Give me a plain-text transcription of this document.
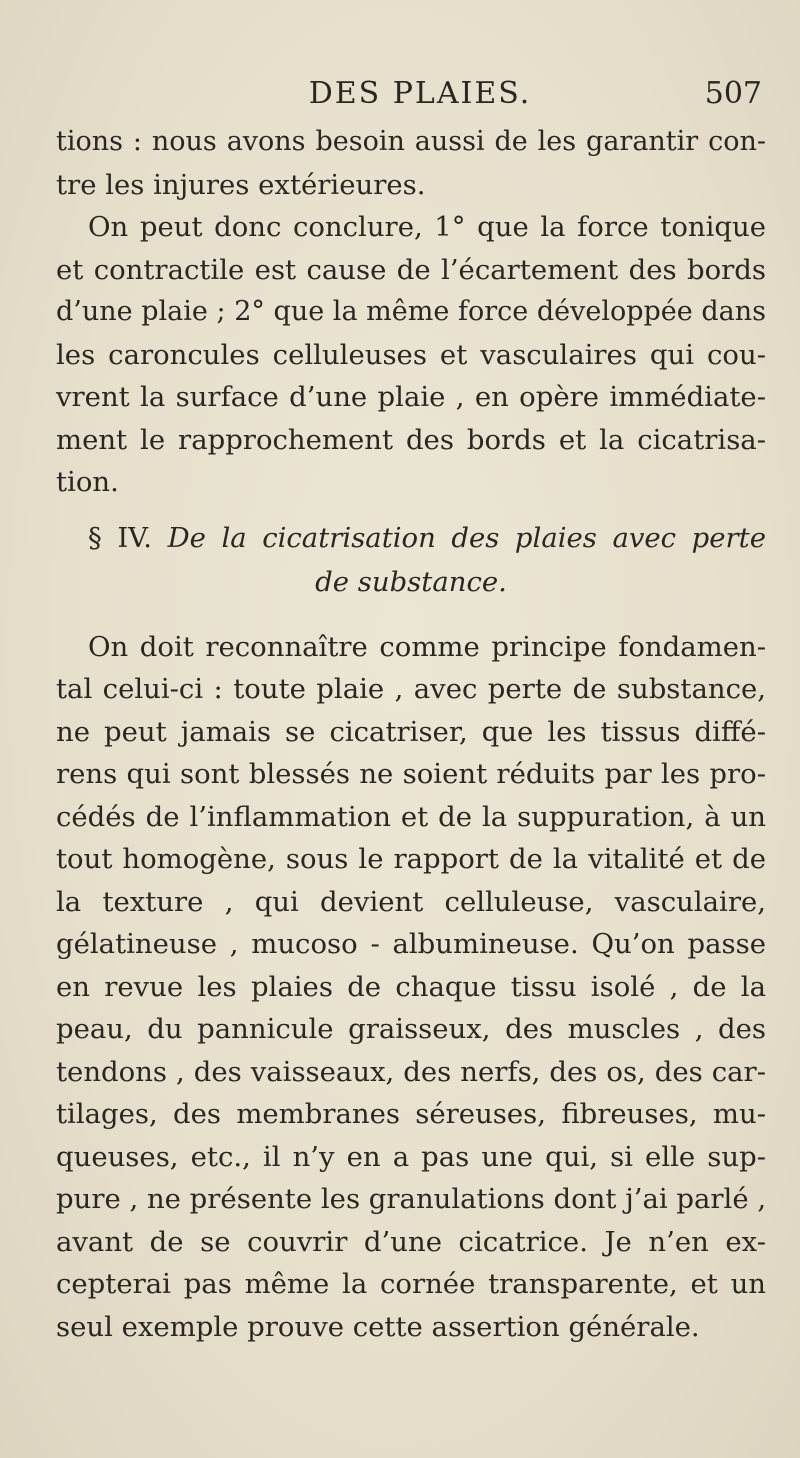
DES PLAIES.	507
tions : nous avons besoin aussi de les garantir con-
tre les injures extérieures.
On peut donc conclure, 1° que la force tonique
et contractile est cause de l’écartement des bords
d’une plaie ; 2° que la même force développée dans
les caroncules celluleuses et vasculaires qui cou-
vrent la surface d’une plaie , en opère immédiate-
ment le rapprochement des bords et la cicatrisa-
tion.
§ IV. De la cicatrisation des plaies avec perte
de substance.
On doit reconnaître comme principe fondamen-
tal celui-ci : toute plaie , avec perte de substance,
ne peut jamais se cicatriser, que les tissus diffé-
rens qui sont blessés ne soient réduits par les pro-
cédés de l’inflammation et de la suppuration, à un
tout homogène, sous le rapport de la vitalité et de
la texture , qui devient celluleuse, vasculaire,
gélatineuse , mucoso - albumineuse. Qu’on passe
en revue les plaies de chaque tissu isolé , de la
peau, du pannicule graisseux, des muscles , des
tendons , des vaisseaux, des nerfs, des os, des car-
tilages, des membranes séreuses, fibreuses, mu-
queuses, etc., il n’y en a pas une qui, si elle sup-
pure , ne présente les granulations dont j’ai parlé ,
avant de se couvrir d’une cicatrice. Je n’en ex-
cepterai pas même la cornée transparente, et un
seul exemple prouve cette assertion générale.
